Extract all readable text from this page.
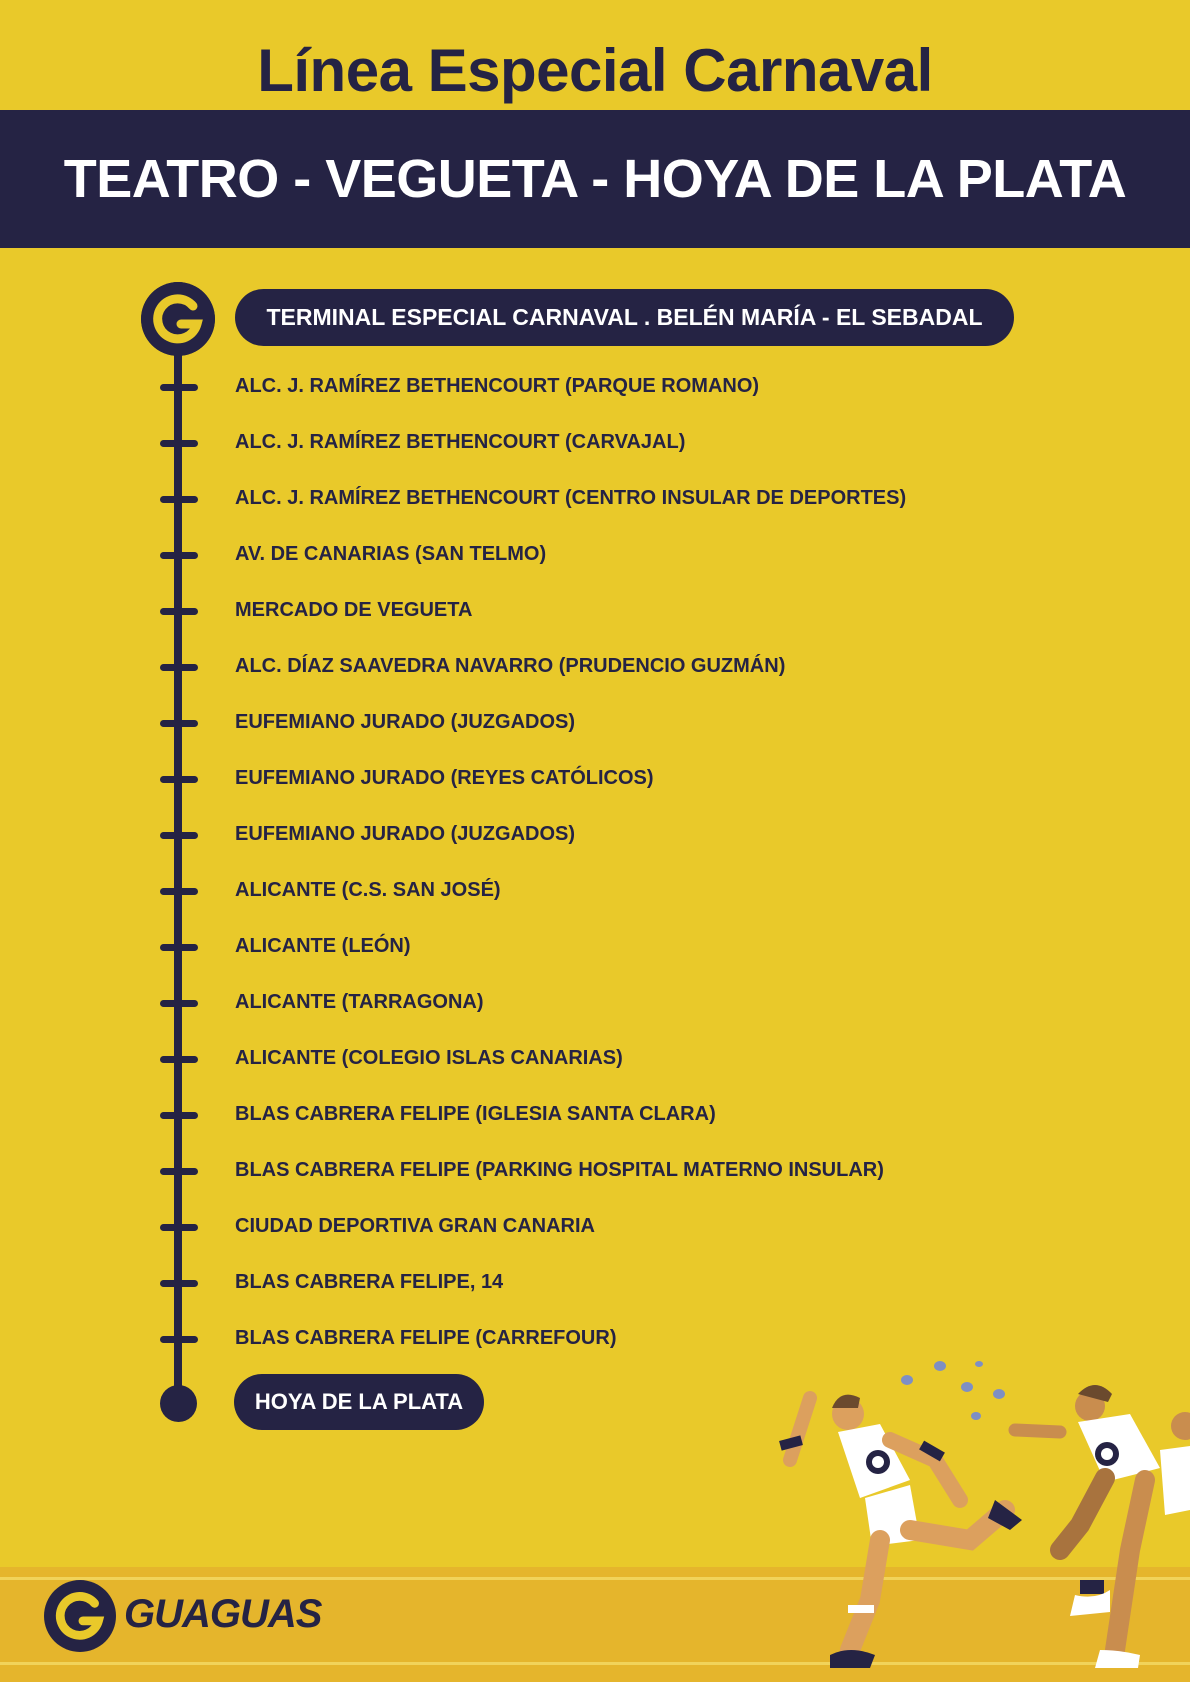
Línea Especial Carnaval
TEATRO - VEGUETA - HOYA DE LA PLATA
TERMINAL ESPECIAL CARNAVAL . BELÉN MARÍA - EL SEBADAL
ALC. J. RAMÍREZ BETHENCOURT (PARQUE ROMANO)
ALC. J. RAMÍREZ BETHENCOURT (CARVAJAL)
ALC. J. RAMÍREZ BETHENCOURT (CENTRO INSULAR DE DEPORTES)
AV. DE CANARIAS (SAN TELMO)
MERCADO DE VEGUETA
ALC. DÍAZ SAAVEDRA NAVARRO (PRUDENCIO GUZMÁN)
EUFEMIANO JURADO (JUZGADOS)
EUFEMIANO JURADO (REYES CATÓLICOS)
EUFEMIANO JURADO (JUZGADOS)
ALICANTE (C.S. SAN JOSÉ)
ALICANTE (LEÓN)
ALICANTE (TARRAGONA)
ALICANTE (COLEGIO ISLAS CANARIAS)
BLAS CABRERA FELIPE (IGLESIA SANTA CLARA)
BLAS CABRERA FELIPE (PARKING HOSPITAL MATERNO INSULAR)
CIUDAD DEPORTIVA GRAN CANARIA
BLAS CABRERA FELIPE, 14
BLAS CABRERA FELIPE (CARREFOUR)
HOYA DE LA PLATA
GUAGUAS
